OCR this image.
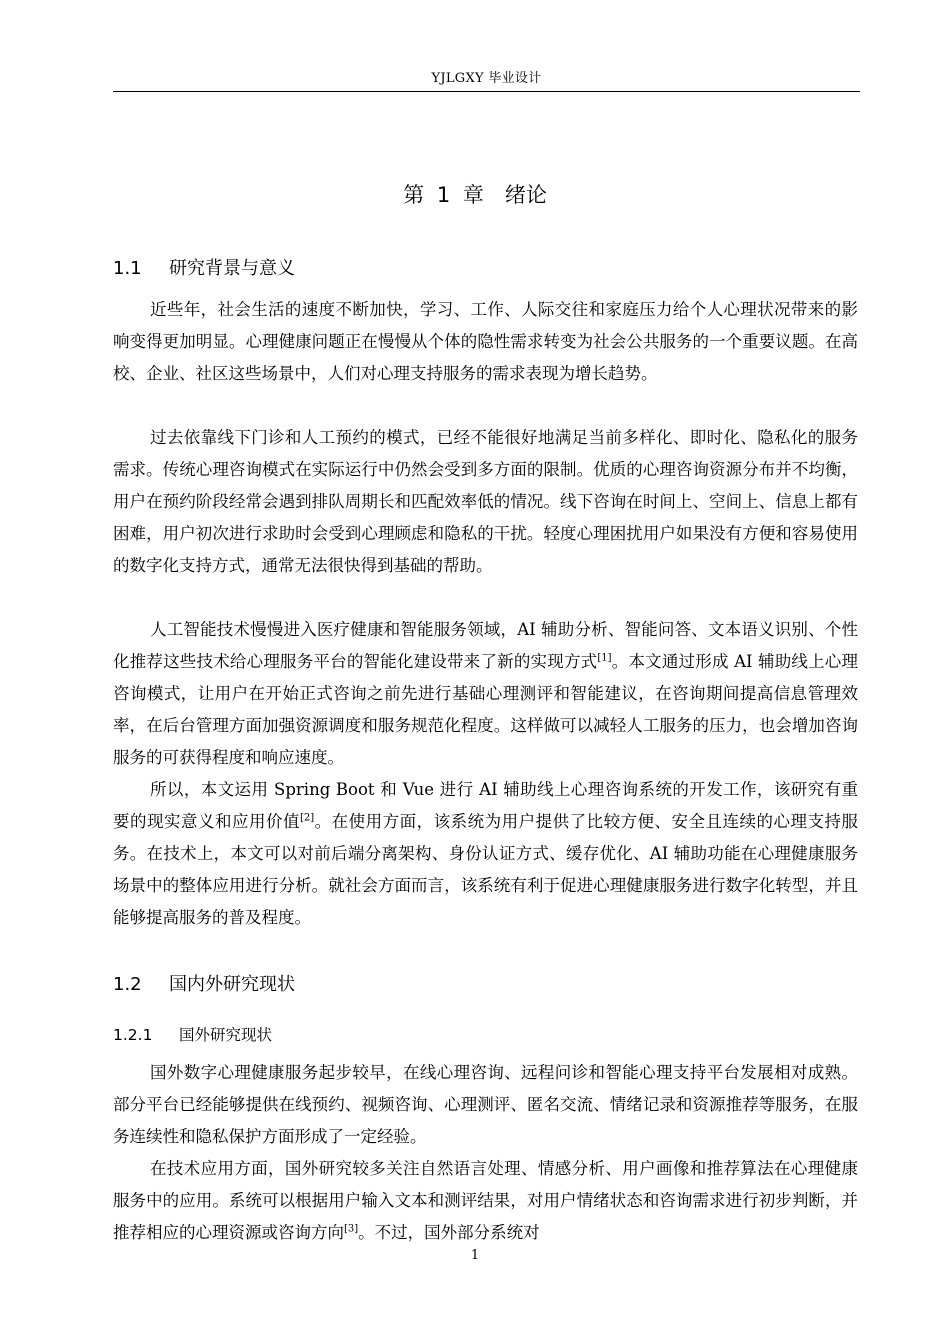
YJLGXY 毕业设计
第 1 章　绪论
1.1 研究背景与意义

近些年，社会生活的速度不断加快，学习、工作、人际交往和家庭压力给个人心理状况带来的影响变得更加明显。心理健康问题正在慢慢从个体的隐性需求转变为社会公共服务的一个重要议题。在高校、企业、社区这些场景中，人们对心理支持服务的需求表现为增长趋势。

过去依靠线下门诊和人工预约的模式，已经不能很好地满足当前多样化、即时化、隐私化的服务需求。传统心理咨询模式在实际运行中仍然会受到多方面的限制。优质的心理咨询资源分布并不均衡，用户在预约阶段经常会遇到排队周期长和匹配效率低的情况。线下咨询在时间上、空间上、信息上都有困难，用户初次进行求助时会受到心理顾虑和隐私的干扰。轻度心理困扰用户如果没有方便和容易使用的数字化支持方式，通常无法很快得到基础的帮助。

人工智能技术慢慢进入医疗健康和智能服务领域，AI 辅助分析、智能问答、文本语义识别、个性化推荐这些技术给心理服务平台的智能化建设带来了新的实现方式[1]。本文通过形成 AI 辅助线上心理咨询模式，让用户在开始正式咨询之前先进行基础心理测评和智能建议，在咨询期间提高信息管理效率，在后台管理方面加强资源调度和服务规范化程度。这样做可以减轻人工服务的压力，也会增加咨询服务的可获得程度和响应速度。

所以，本文运用 Spring Boot 和 Vue 进行 AI 辅助线上心理咨询系统的开发工作，该研究有重要的现实意义和应用价值[2]。在使用方面，该系统为用户提供了比较方便、安全且连续的心理支持服务。在技术上，本文可以对前后端分离架构、身份认证方式、缓存优化、AI 辅助功能在心理健康服务场景中的整体应用进行分析。就社会方面而言，该系统有利于促进心理健康服务进行数字化转型，并且能够提高服务的普及程度。

1.2 国内外研究现状
1.2.1 国外研究现状

国外数字心理健康服务起步较早，在线心理咨询、远程问诊和智能心理支持平台发展相对成熟。部分平台已经能够提供在线预约、视频咨询、心理测评、匿名交流、情绪记录和资源推荐等服务，在服务连续性和隐私保护方面形成了一定经验。

在技术应用方面，国外研究较多关注自然语言处理、情感分析、用户画像和推荐算法在心理健康服务中的应用。系统可以根据用户输入文本和测评结果，对用户情绪状态和咨询需求进行初步判断，并推荐相应的心理资源或咨询方向[3]。不过，国外部分系统对

1
